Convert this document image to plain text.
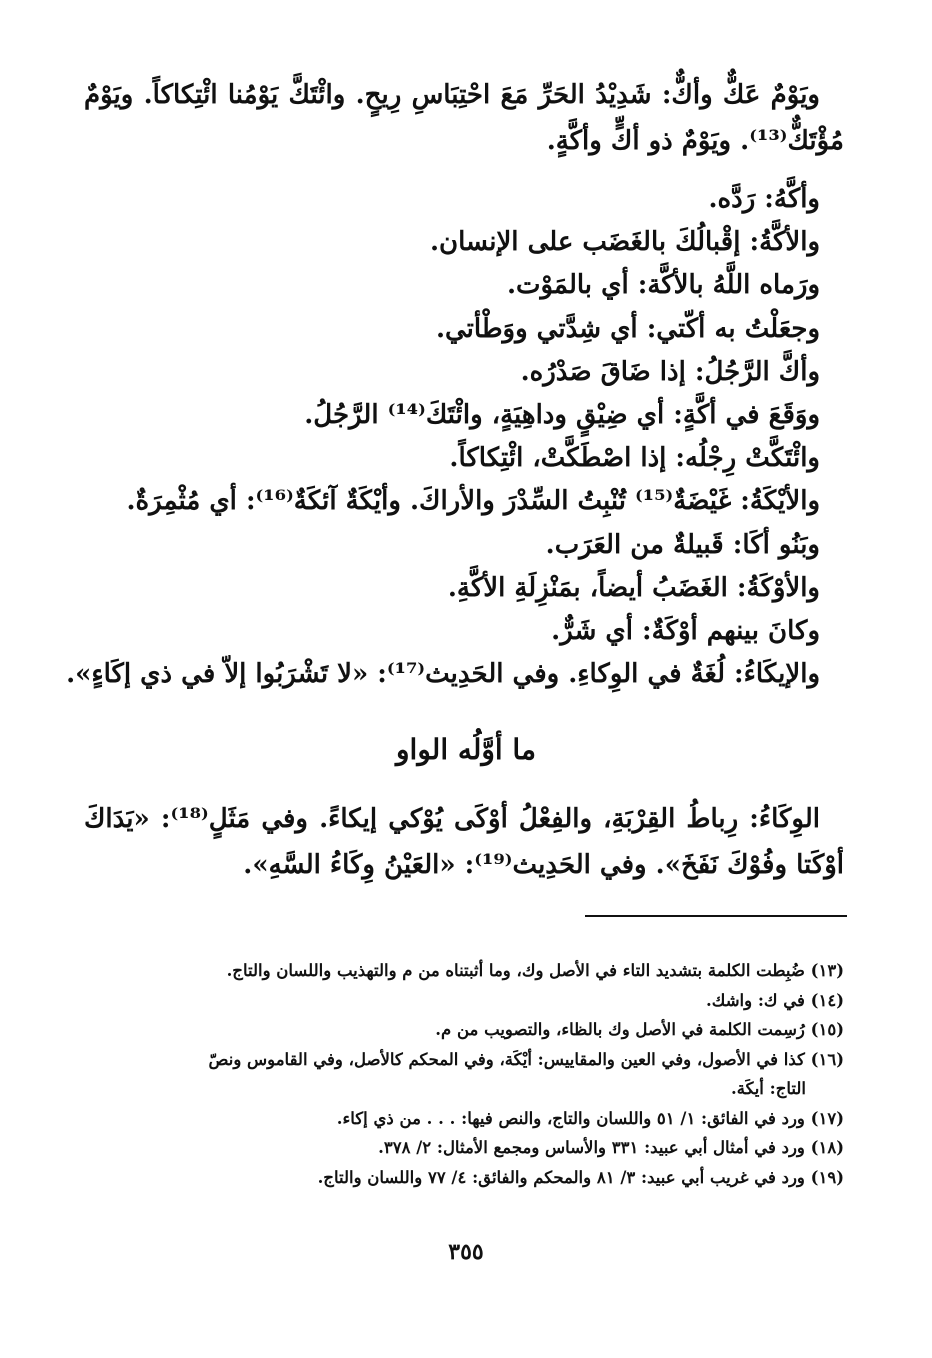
ويَوْمٌ عَكٌّ وأكٌّ: شَدِيْدُ الحَرِّ مَعَ احْتِبَاسِ رِيحٍ. وائْتَكَّ يَوْمُنا ائْتِكاكاً. ويَوْمٌ مُؤْتَكٌّ⁽¹³⁾. ويَوْمٌ ذو أكٍّ وأكَّةٍ.

وأكَّهُ: رَدَّه.

والأكَّةُ: إقْبالُكَ بالغَضَب على الإنسان.

ورَماه اللَّهُ بالأكَّة: أي بالمَوْت.

وجعَلْتُ به أكّتي: أي شِدَّتي ووَطْأتي.

وأكَّ الرَّجُلُ: إذا ضَاقَ صَدْرُه.

ووَقَعَ في أكَّةٍ: أي ضِيْقٍ وداهِيَةٍ، وائْتَكَ⁽¹⁴⁾ الرَّجُلُ.

وائْتَكَّتْ رِجْلُه: إذا اصْطَكَّتْ، ائْتِكاكاً.

والأيْكَةُ: غَيْضَةٌ⁽¹⁵⁾ تُنْبِتُ السِّدْرَ والأراكَ. وأيْكَةٌ آئكَةٌ⁽¹⁶⁾: أي مُثْمِرَةٌ.

وبَنُو أكَا: قَبيلةٌ من العَرَب.

والأوْكَةُ: الغَضَبُ أيضاً، بمَنْزِلَةِ الأكَّةِ.

وكانَ بينهم أوْكَةٌ: أي شَرٌّ.

والإيكَاءُ: لُغَةٌ في الوِكاءِ. وفي الحَدِيث⁽¹⁷⁾: «لا تَشْرَبُوا إلاّ في ذي إكَاءٍ».

ما أوَّلُه الواو

الوِكَاءُ: رِباطُ القِرْبَةِ، والفِعْلُ أوْكَى يُوْكي إيكاءً. وفي مَثَلٍ⁽¹⁸⁾: «يَدَاكَ أوْكَتا وفُوْكَ نَفَخَ». وفي الحَدِيث⁽¹⁹⁾: «العَيْنُ وِكَاءُ السَّهِ».

(١٣) ضُبِطت الكلمة بتشديد التاء في الأصل وك، وما أثبتناه من م والتهذيب واللسان والتاج.

(١٤) في ك: واشك.

(١٥) رُسِمت الكلمة في الأصل وك بالظاء، والتصويب من م.

(١٦) كذا في الأصول، وفي العين والمقاييس: أيْكَة، وفي المحكم كالأصل، وفي القاموس ونصّ

التاج: أيكَة.

(١٧) ورد في الفائق: ١/ ٥١ واللسان والتاج، والنص فيها: . . . من ذي إكاء.

(١٨) ورد في أمثال أبي عبيد: ٣٣١ والأساس ومجمع الأمثال: ٢/ ٣٧٨.

(١٩) ورد في غريب أبي عبيد: ٣/ ٨١ والمحكم والفائق: ٤/ ٧٧ واللسان والتاج.

٣٥٥
